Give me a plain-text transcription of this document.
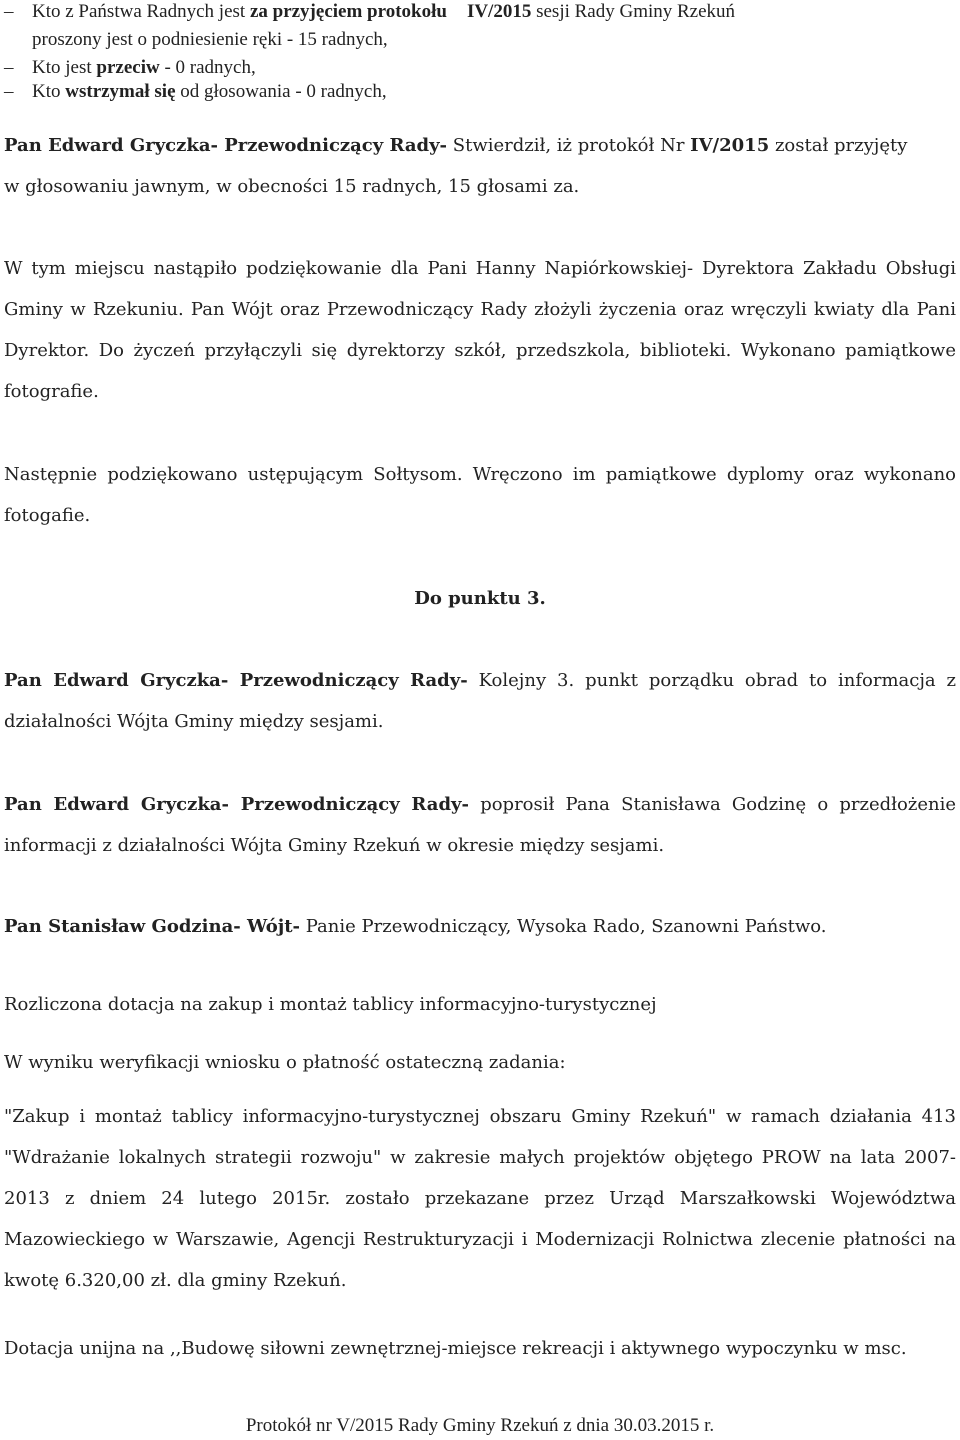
– Kto z Państwa Radnych jest za przyjęciem protokołu IV/2015 sesji Rady Gminy Rzekuń
proszony jest o podniesienie ręki - 15 radnych,
– Kto jest przeciw - 0 radnych,
– Kto wstrzymał się od głosowania - 0 radnych,
Pan Edward Gryczka- Przewodniczący Rady- Stwierdził, iż protokół Nr IV/2015 został przyjęty
w głosowaniu jawnym, w obecności 15 radnych, 15 głosami za.

W tym miejscu nastąpiło podziękowanie dla Pani Hanny Napiórkowskiej- Dyrektora Zakładu Obsługi Gminy w Rzekuniu. Pan Wójt oraz Przewodniczący Rady złożyli życzenia oraz wręczyli kwiaty dla Pani Dyrektor. Do życzeń przyłączyli się dyrektorzy szkół, przedszkola, biblioteki. Wykonano pamiątkowe fotografie.

Następnie podziękowano ustępującym Sołtysom. Wręczono im pamiątkowe dyplomy oraz wykonano fotogafie.

Do punktu 3.

Pan Edward Gryczka- Przewodniczący Rady- Kolejny 3. punkt porządku obrad to informacja z działalności Wójta Gminy między sesjami.

Pan Edward Gryczka- Przewodniczący Rady- poprosił Pana Stanisława Godzinę o przedłożenie informacji z działalności Wójta Gminy Rzekuń w okresie między sesjami.

Pan Stanisław Godzina- Wójt- Panie Przewodniczący, Wysoka Rado, Szanowni Państwo.
Rozliczona dotacja na zakup i montaż tablicy informacyjno-turystycznej
W wyniku weryfikacji wniosku o płatność ostateczną zadania:

"Zakup i montaż tablicy informacyjno-turystycznej obszaru Gminy Rzekuń" w ramach działania 413 "Wdrażanie lokalnych strategii rozwoju" w zakresie małych projektów objętego PROW na lata 2007-2013 z dniem 24 lutego 2015r. zostało przekazane przez Urząd Marszałkowski Województwa Mazowieckiego w Warszawie, Agencji Restrukturyzacji i Modernizacji Rolnictwa zlecenie płatności na kwotę 6.320,00 zł. dla gminy Rzekuń.

Dotacja unijna na ,,Budowę siłowni zewnętrznej-miejsce rekreacji i aktywnego wypoczynku w msc.
Protokół nr V/2015 Rady Gminy Rzekuń z dnia 30.03.2015 r.
